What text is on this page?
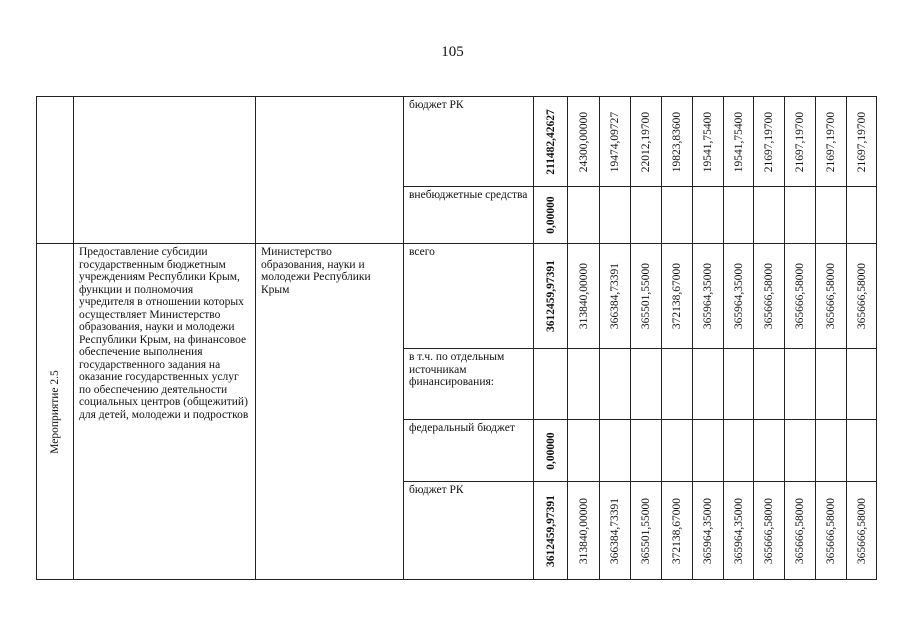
105

			бюджет РК	211482,42627	24300,00000	19474,09727	22012,19700	19823,83600	19541,75400	19541,75400	21697,19700	21697,19700	21697,19700	21697,19700

			внебюджетные средства	0,00000										

Мероприятие 2.5	Предоставление субсидии государственным бюджетным учреждениям Республики Крым, функции и полномочия учредителя в отношении которых осуществляет Министерство образования, науки и молодежи Республики Крым, на финансовое обеспечение выполнения государственного задания на оказание государственных услуг по обеспечению деятельности социальных центров (общежитий) для детей, молодежи и подростков	Министерство образования, науки и молодежи Республики Крым	всего	3612459,97391	313840,00000	366384,73391	365501,55000	372138,67000	365964,35000	365964,35000	365666,58000	365666,58000	365666,58000	365666,58000

			в т.ч. по отдельным источникам финансирования:											

			федеральный бюджет	0,00000										

			бюджет РК	3612459,97391	313840,00000	366384,73391	365501,55000	372138,67000	365964,35000	365964,35000	365666,58000	365666,58000	365666,58000	365666,58000
